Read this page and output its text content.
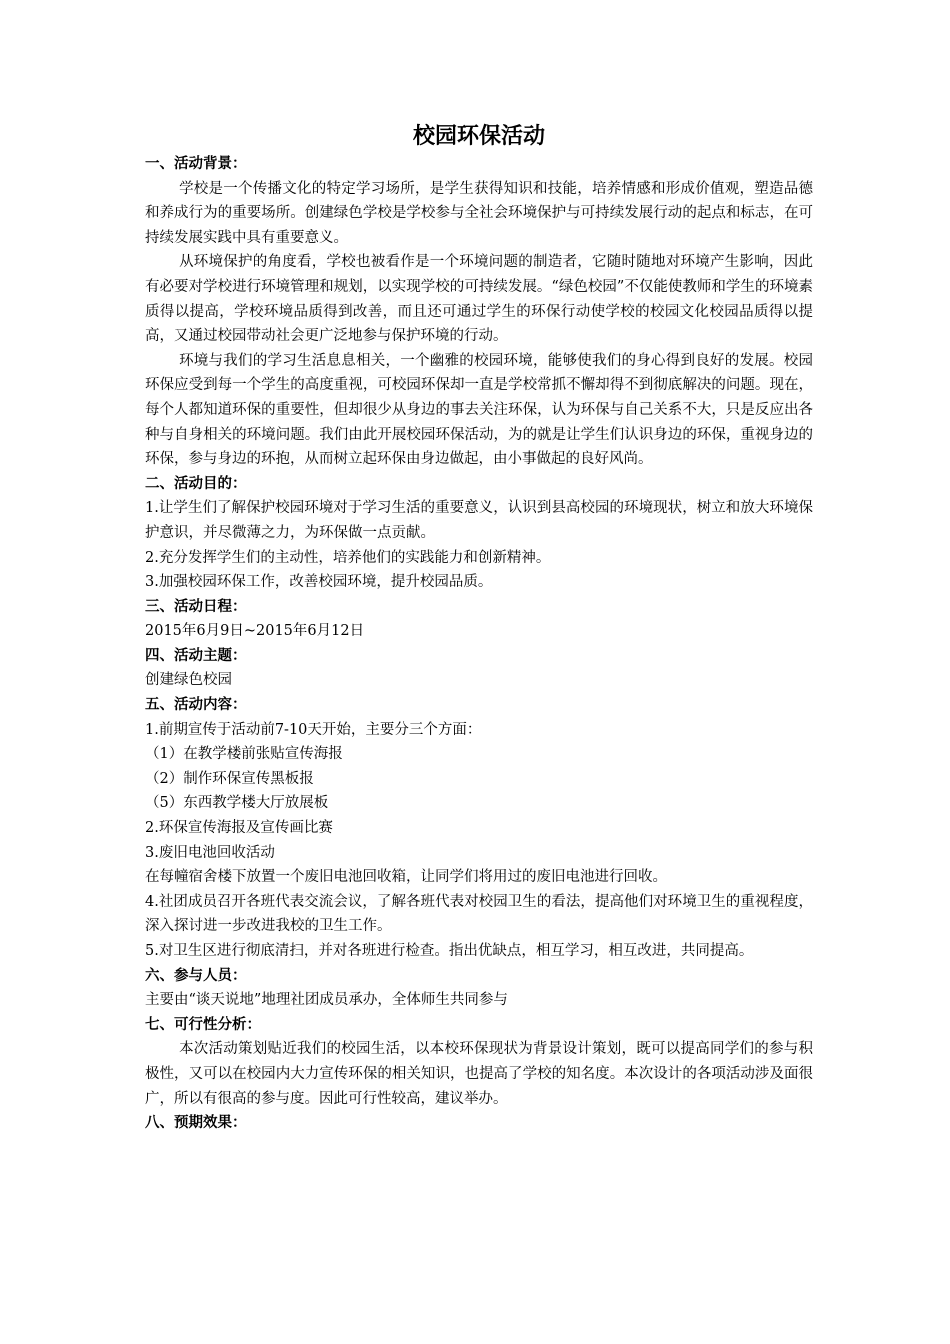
校园环保活动
一、活动背景：

学校是一个传播文化的特定学习场所，是学生获得知识和技能，培养情感和形成价值观，塑造品德和养成行为的重要场所。创建绿色学校是学校参与全社会环境保护与可持续发展行动的起点和标志，在可持续发展实践中具有重要意义。

从环境保护的角度看，学校也被看作是一个环境问题的制造者，它随时随地对环境产生影响，因此有必要对学校进行环境管理和规划，以实现学校的可持续发展。“绿色校园”不仅能使教师和学生的环境素质得以提高，学校环境品质得到改善，而且还可通过学生的环保行动使学校的校园文化校园品质得以提高，又通过校园带动社会更广泛地参与保护环境的行动。

环境与我们的学习生活息息相关，一个幽雅的校园环境，能够使我们的身心得到良好的发展。校园环保应受到每一个学生的高度重视，可校园环保却一直是学校常抓不懈却得不到彻底解决的问题。现在，每个人都知道环保的重要性，但却很少从身边的事去关注环保，认为环保与自己关系不大，只是反应出各种与自身相关的环境问题。我们由此开展校园环保活动，为的就是让学生们认识身边的环保，重视身边的环保，参与身边的环抱，从而树立起环保由身边做起，由小事做起的良好风尚。

二、活动目的：

1.让学生们了解保护校园环境对于学习生活的重要意义，认识到县高校园的环境现状，树立和放大环境保护意识，并尽微薄之力，为环保做一点贡献。

2.充分发挥学生们的主动性，培养他们的实践能力和创新精神。

3.加强校园环保工作，改善校园环境，提升校园品质。

三、活动日程：

2015年6月9日~2015年6月12日

四、活动主题：

创建绿色校园

五、活动内容：

1.前期宣传于活动前7-10天开始，主要分三个方面：

（1）在教学楼前张贴宣传海报

（2）制作环保宣传黑板报

（5）东西教学楼大厅放展板

2.环保宣传海报及宣传画比赛

3.废旧电池回收活动

在每幢宿舍楼下放置一个废旧电池回收箱，让同学们将用过的废旧电池进行回收。

4.社团成员召开各班代表交流会议，了解各班代表对校园卫生的看法，提高他们对环境卫生的重视程度，深入探讨进一步改进我校的卫生工作。

5.对卫生区进行彻底清扫，并对各班进行检查。指出优缺点，相互学习，相互改进，共同提高。

六、参与人员：

主要由“谈天说地”地理社团成员承办，全体师生共同参与

七、可行性分析：

本次活动策划贴近我们的校园生活，以本校环保现状为背景设计策划，既可以提高同学们的参与积极性，又可以在校园内大力宣传环保的相关知识，也提高了学校的知名度。本次设计的各项活动涉及面很广，所以有很高的参与度。因此可行性较高，建议举办。

八、预期效果：
